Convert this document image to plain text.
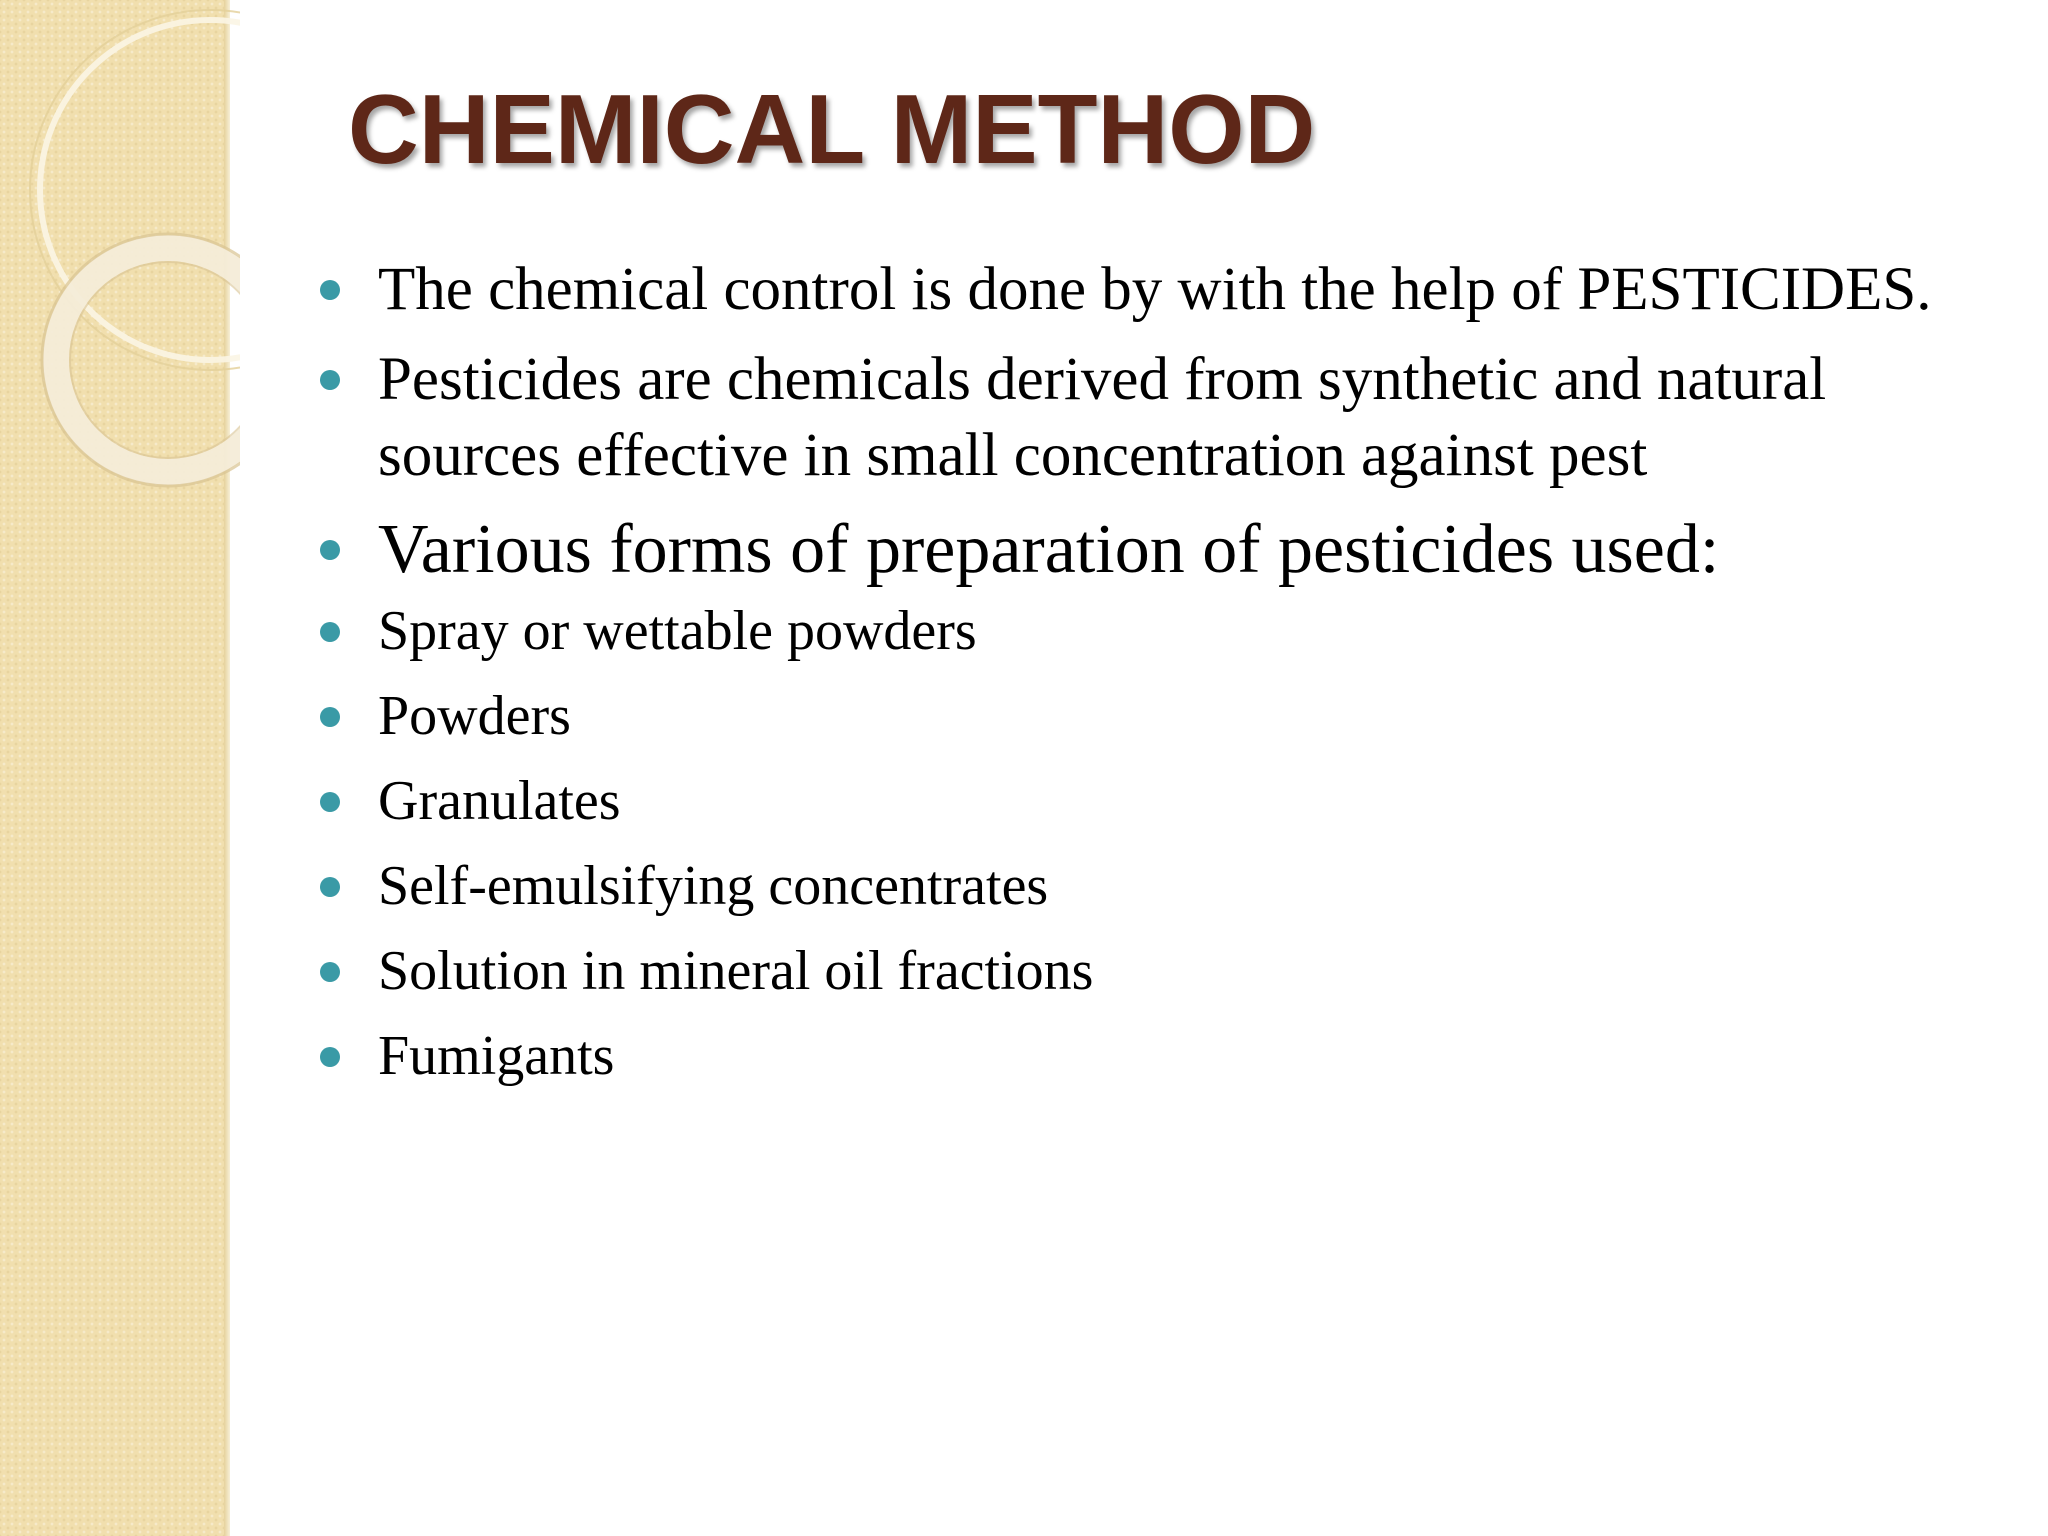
CHEMICAL METHOD
The chemical control is done by with the help of PESTICIDES.
Pesticides are chemicals derived from synthetic and natural sources effective in small concentration against pest
Various forms of preparation of pesticides used:
Spray or wettable powders
Powders
Granulates
Self-emulsifying concentrates
Solution in mineral oil fractions
Fumigants
